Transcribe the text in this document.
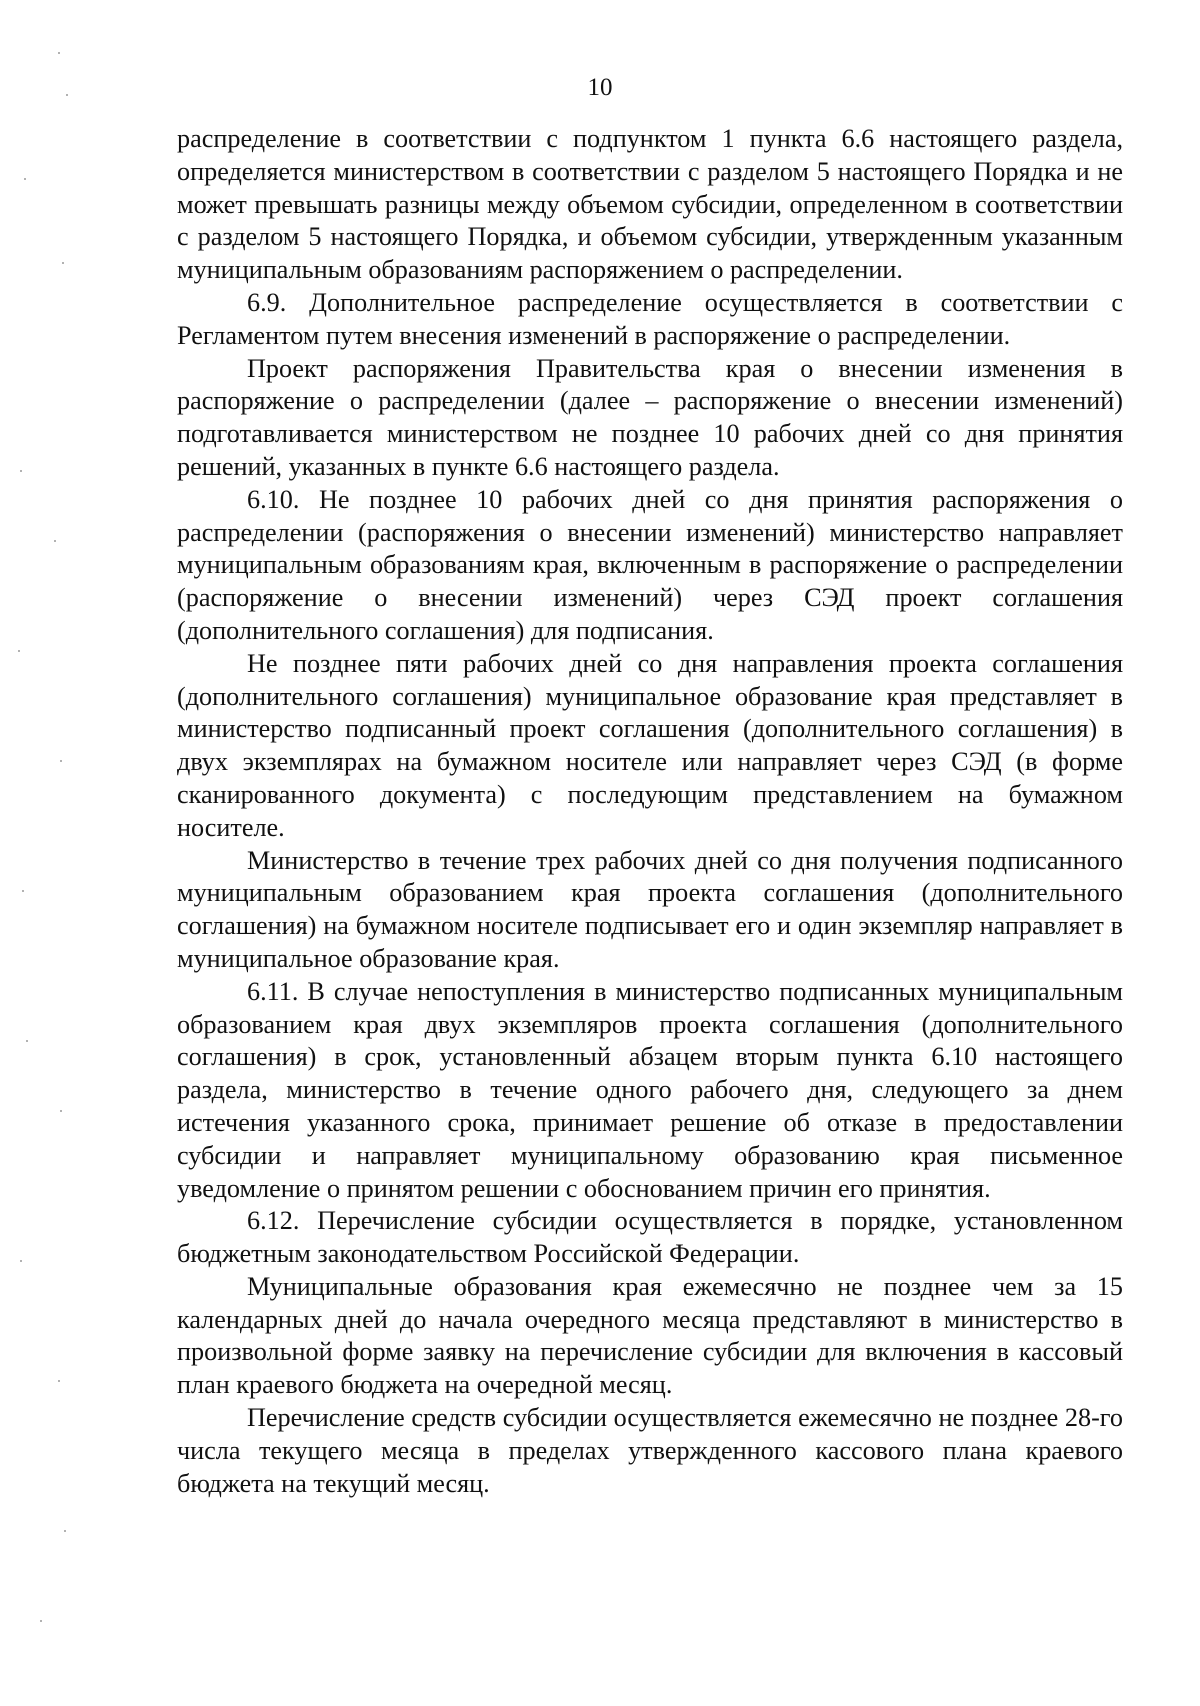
10

распределение в соответствии с подпунктом 1 пункта 6.6 настоящего раздела, определяется министерством в соответствии с разделом 5 настоящего Порядка и не может превышать разницы между объемом субсидии, определенном в соответствии с разделом 5 настоящего Порядка, и объемом субсидии, утвержденным указанным муниципальным образованиям распоряжением о распределении.

6.9. Дополнительное распределение осуществляется в соответствии с Регламентом путем внесения изменений в распоряжение о распределении.

Проект распоряжения Правительства края о внесении изменения в распоряжение о распределении (далее – распоряжение о внесении изменений) подготавливается министерством не позднее 10 рабочих дней со дня принятия решений, указанных в пункте 6.6 настоящего раздела.

6.10. Не позднее 10 рабочих дней со дня принятия распоряжения о распределении (распоряжения о внесении изменений) министерство направляет муниципальным образованиям края, включенным в распоряжение о распределении (распоряжение о внесении изменений) через СЭД проект соглашения (дополнительного соглашения) для подписания.

Не позднее пяти рабочих дней со дня направления проекта соглашения (дополнительного соглашения) муниципальное образование края представляет в министерство подписанный проект соглашения (дополнительного соглашения) в двух экземплярах на бумажном носителе или направляет через СЭД (в форме сканированного документа) с последующим представлением на бумажном носителе.

Министерство в течение трех рабочих дней со дня получения подписанного муниципальным образованием края проекта соглашения (дополнительного соглашения) на бумажном носителе подписывает его и один экземпляр направляет в муниципальное образование края.

6.11. В случае непоступления в министерство подписанных муниципальным образованием края двух экземпляров проекта соглашения (дополнительного соглашения) в срок, установленный абзацем вторым пункта 6.10 настоящего раздела, министерство в течение одного рабочего дня, следующего за днем истечения указанного срока, принимает решение об отказе в предоставлении субсидии и направляет муниципальному образованию края письменное уведомление о принятом решении с обоснованием причин его принятия.

6.12. Перечисление субсидии осуществляется в порядке, установленном бюджетным законодательством Российской Федерации.

Муниципальные образования края ежемесячно не позднее чем за 15 календарных дней до начала очередного месяца представляют в министерство в произвольной форме заявку на перечисление субсидии для включения в кассовый план краевого бюджета на очередной месяц.

Перечисление средств субсидии осуществляется ежемесячно не позднее 28-го числа текущего месяца в пределах утвержденного кассового плана краевого бюджета на текущий месяц.
